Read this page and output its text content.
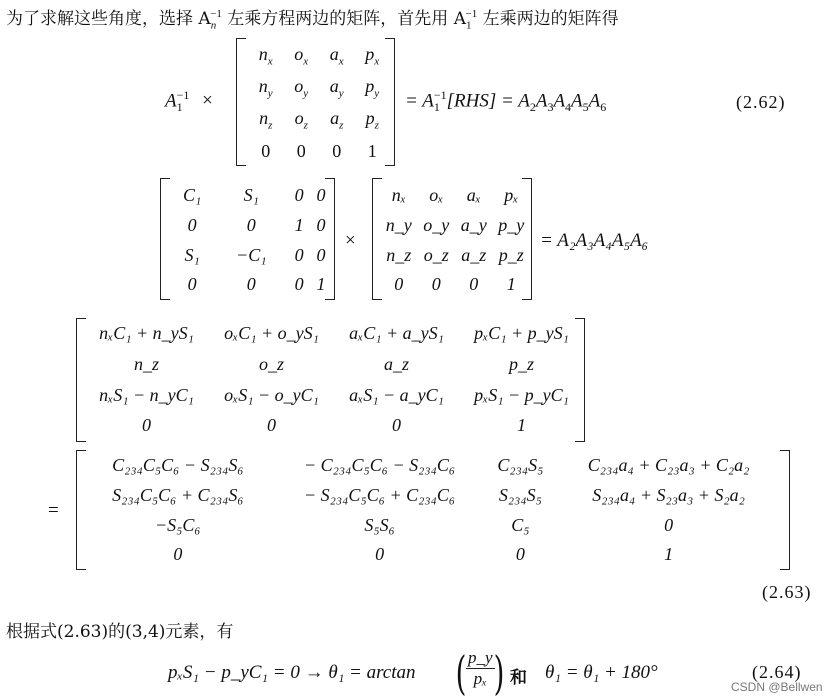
为了求解这些角度，选择 $A_n^{-1}$ 左乘方程两边的矩阵，首先用 $A_1^{-1}$ 左乘两边的矩阵得
$A_1^{-1}$ ×
$n_x$	$o_x$	$a_x$	$p_x$
$n_y$	$o_y$	$a_y$	$p_y$
$n_z$	$o_z$	$a_z$	$p_z$
0	0	0	1
= $A_1^{-1}[RHS] = A_2A_3A_4A_5A_6$	(2.62)
C₁	S₁	0	0
0	0	1	0
S₁	−C₁	0	0
0	0	0	1
×
nₓ	oₓ	aₓ	pₓ
n_y	o_y	a_y	p_y
n_z	o_z	a_z	p_z
0	0	0	1
= A₂A₃A₄A₅A₆
nₓC₁ + n_yS₁	oₓC₁ + o_yS₁	aₓC₁ + a_yS₁	pₓC₁ + p_yS₁
n_z	o_z	a_z	p_z
nₓS₁ − n_yC₁	oₓS₁ − o_yC₁	aₓS₁ − a_yC₁	pₓS₁ − p_yC₁
0	0	0	1
=
C₂₃₄C₅C₆ − S₂₃₄S₆	− C₂₃₄C₅C₆ − S₂₃₄C₆	C₂₃₄S₅	C₂₃₄a₄ + C₂₃a₃ + C₂a₂
S₂₃₄C₅C₆ + C₂₃₄S₆	− S₂₃₄C₅C₆ + C₂₃₄C₆	S₂₃₄S₅	S₂₃₄a₄ + S₂₃a₃ + S₂a₂
−S₅C₆	S₅S₆	C₅	0
0	0	0	1
(2.63)
根据式(2.63)的(3,4)元素，有
pₓS₁ − p_yC₁ = 0 → θ₁ = arctan ( $\frac{p\_y}{\text{pₓ}}$ ) 和 θ₁ = θ₁ + 180°	(2.64)
CSDN @Bellwen
